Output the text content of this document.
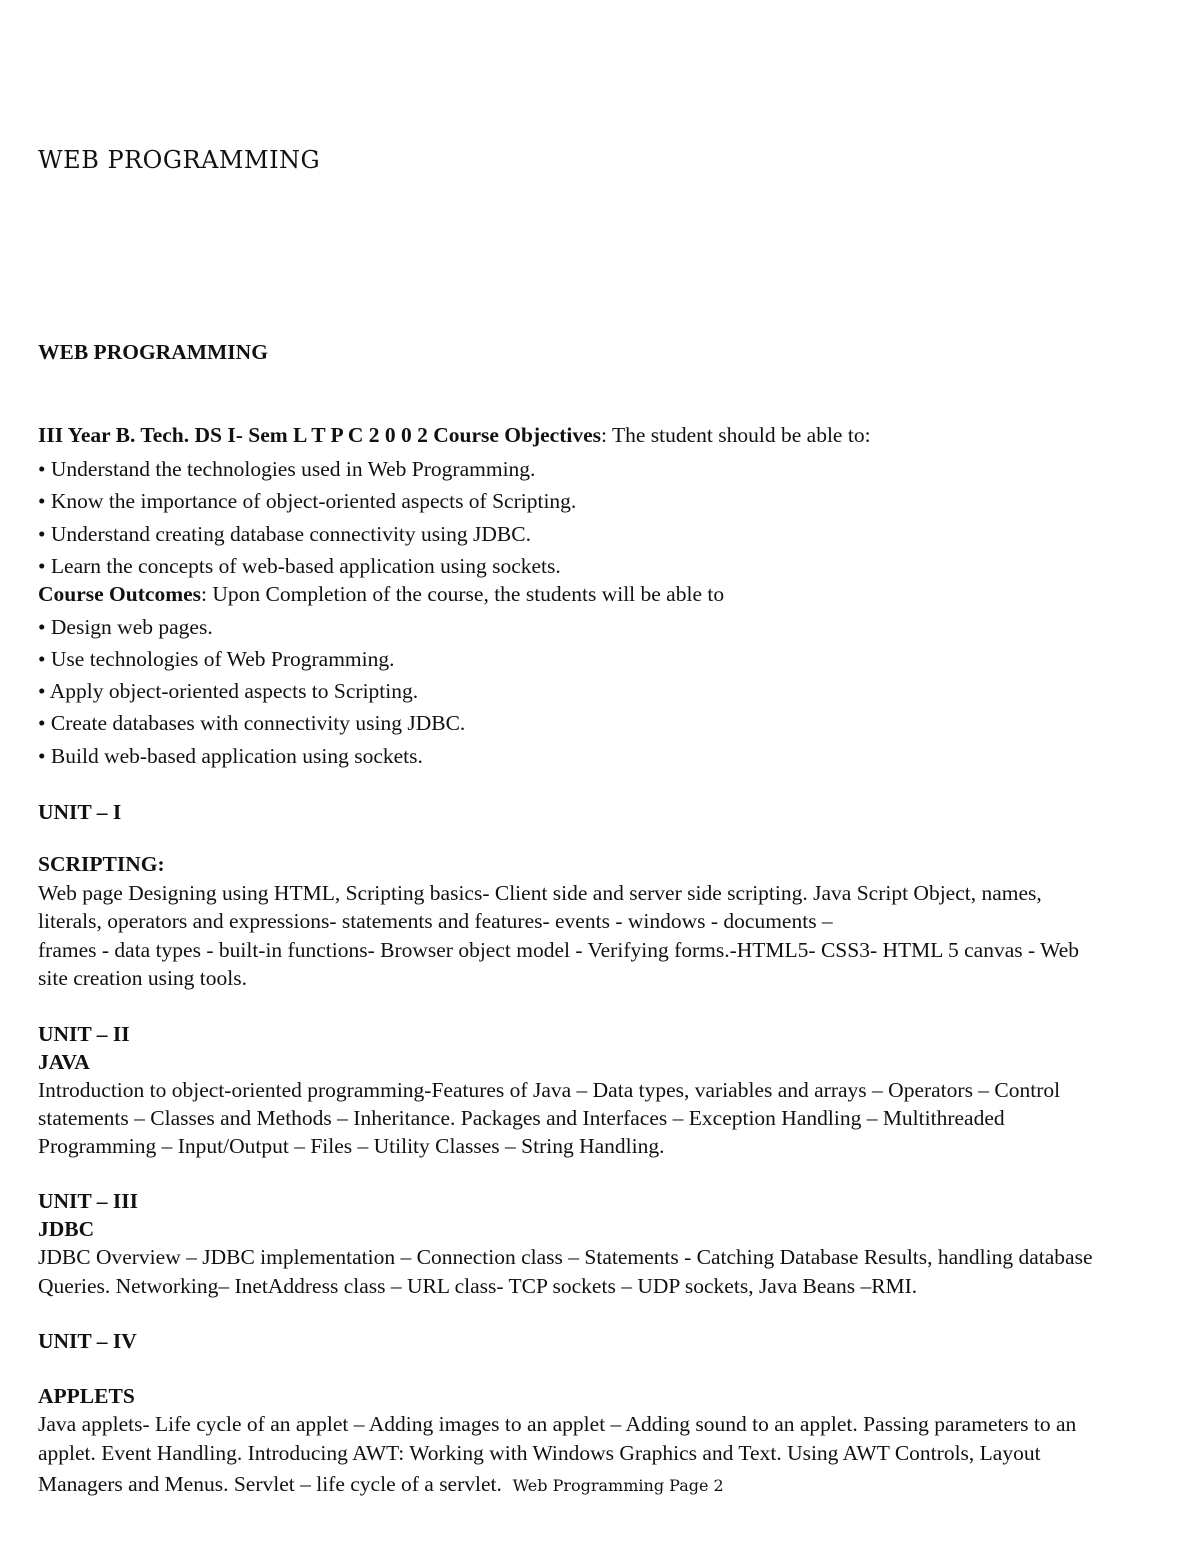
WEB PROGRAMMING
WEB PROGRAMMING
III Year B. Tech. DS I- Sem L T P C 2 0 0 2 Course Objectives: The student should be able to:
• Understand the technologies used in Web Programming.
• Know the importance of object-oriented aspects of Scripting.
• Understand creating database connectivity using JDBC.
• Learn the concepts of web-based application using sockets.
Course Outcomes: Upon Completion of the course, the students will be able to
• Design web pages.
• Use technologies of Web Programming.
• Apply object-oriented aspects to Scripting.
• Create databases with connectivity using JDBC.
• Build web-based application using sockets.
UNIT – I
SCRIPTING:
Web page Designing using HTML, Scripting basics- Client side and server side scripting. Java Script Object, names,
literals, operators and expressions- statements and features- events - windows - documents –
frames - data types - built-in functions- Browser object model - Verifying forms.-HTML5- CSS3- HTML 5 canvas - Web
site creation using tools.
UNIT – II
JAVA
Introduction to object-oriented programming-Features of Java – Data types, variables and arrays – Operators – Control
statements – Classes and Methods – Inheritance. Packages and Interfaces – Exception Handling – Multithreaded
Programming – Input/Output – Files – Utility Classes – String Handling.
UNIT – III
JDBC
JDBC Overview – JDBC implementation – Connection class – Statements - Catching Database Results, handling database
Queries. Networking– InetAddress class – URL class- TCP sockets – UDP sockets, Java Beans –RMI.
UNIT – IV
APPLETS
Java applets- Life cycle of an applet – Adding images to an applet – Adding sound to an applet. Passing parameters to an
applet. Event Handling. Introducing AWT: Working with Windows Graphics and Text. Using AWT Controls, Layout
Managers and Menus. Servlet – life cycle of a servlet. Web Programming Page 2
